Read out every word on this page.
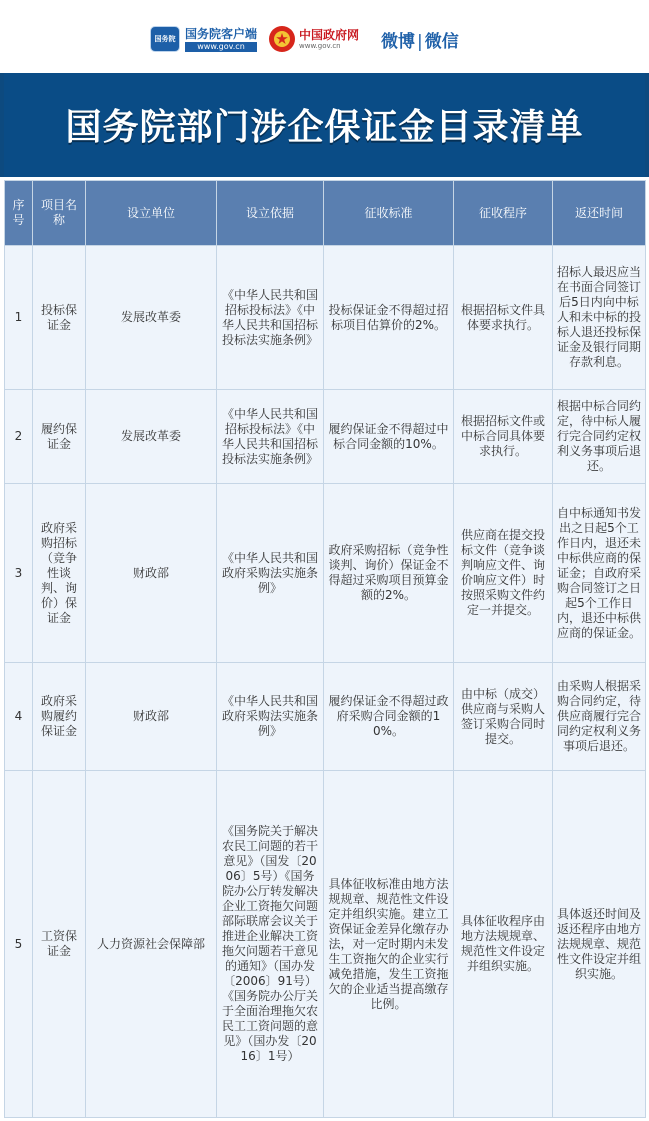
国务院 国务院客户端
www.gov.cn
中国政府网
www.gov.cn	微博 | 微信
国务院部门涉企保证金目录清单
序号	项目名称	设立单位	设立依据	征收标准	征收程序	返还时间
1	投标保证金	发展改革委	《中华人民共和国招标投标法》《中华人民共和国招标投标法实施条例》	投标保证金不得超过招标项目估算价的2%。	根据招标文件具体要求执行。	招标人最迟应当在书面合同签订后5日内向中标人和未中标的投标人退还投标保证金及银行同期存款利息。
2	履约保证金	发展改革委	《中华人民共和国招标投标法》《中华人民共和国招标投标法实施条例》	履约保证金不得超过中标合同金额的10%。	根据招标文件或中标合同具体要求执行。	根据中标合同约定，待中标人履行完合同约定权利义务事项后退还。
3	政府采购招标（竞争性谈判、询价）保证金	财政部	《中华人民共和国政府采购法实施条例》	政府采购招标（竞争性谈判、询价）保证金不得超过采购项目预算金额的2%。	供应商在提交投标文件（竞争谈判响应文件、询价响应文件）时按照采购文件约定一并提交。	自中标通知书发出之日起5个工作日内，退还未中标供应商的保证金；自政府采购合同签订之日起5个工作日内，退还中标供应商的保证金。
4	政府采购履约保证金	财政部	《中华人民共和国政府采购法实施条例》	履约保证金不得超过政府采购合同金额的10%。	由中标（成交）供应商与采购人签订采购合同时提交。	由采购人根据采购合同约定，待供应商履行完合同约定权利义务事项后退还。
5	工资保证金	人力资源社会保障部	《国务院关于解决农民工问题的若干意见》（国发〔2006〕5号）《国务院办公厅转发解决企业工资拖欠问题部际联席会议关于推进企业解决工资拖欠问题若干意见的通知》（国办发〔2006〕91号）《国务院办公厅关于全面治理拖欠农民工工资问题的意见》（国办发〔2016〕1号）	具体征收标准由地方法规规章、规范性文件设定并组织实施。建立工资保证金差异化缴存办法，对一定时期内未发生工资拖欠的企业实行减免措施，发生工资拖欠的企业适当提高缴存比例。	具体征收程序由地方法规规章、规范性文件设定并组织实施。	具体返还时间及返还程序由地方法规规章、规范性文件设定并组织实施。
